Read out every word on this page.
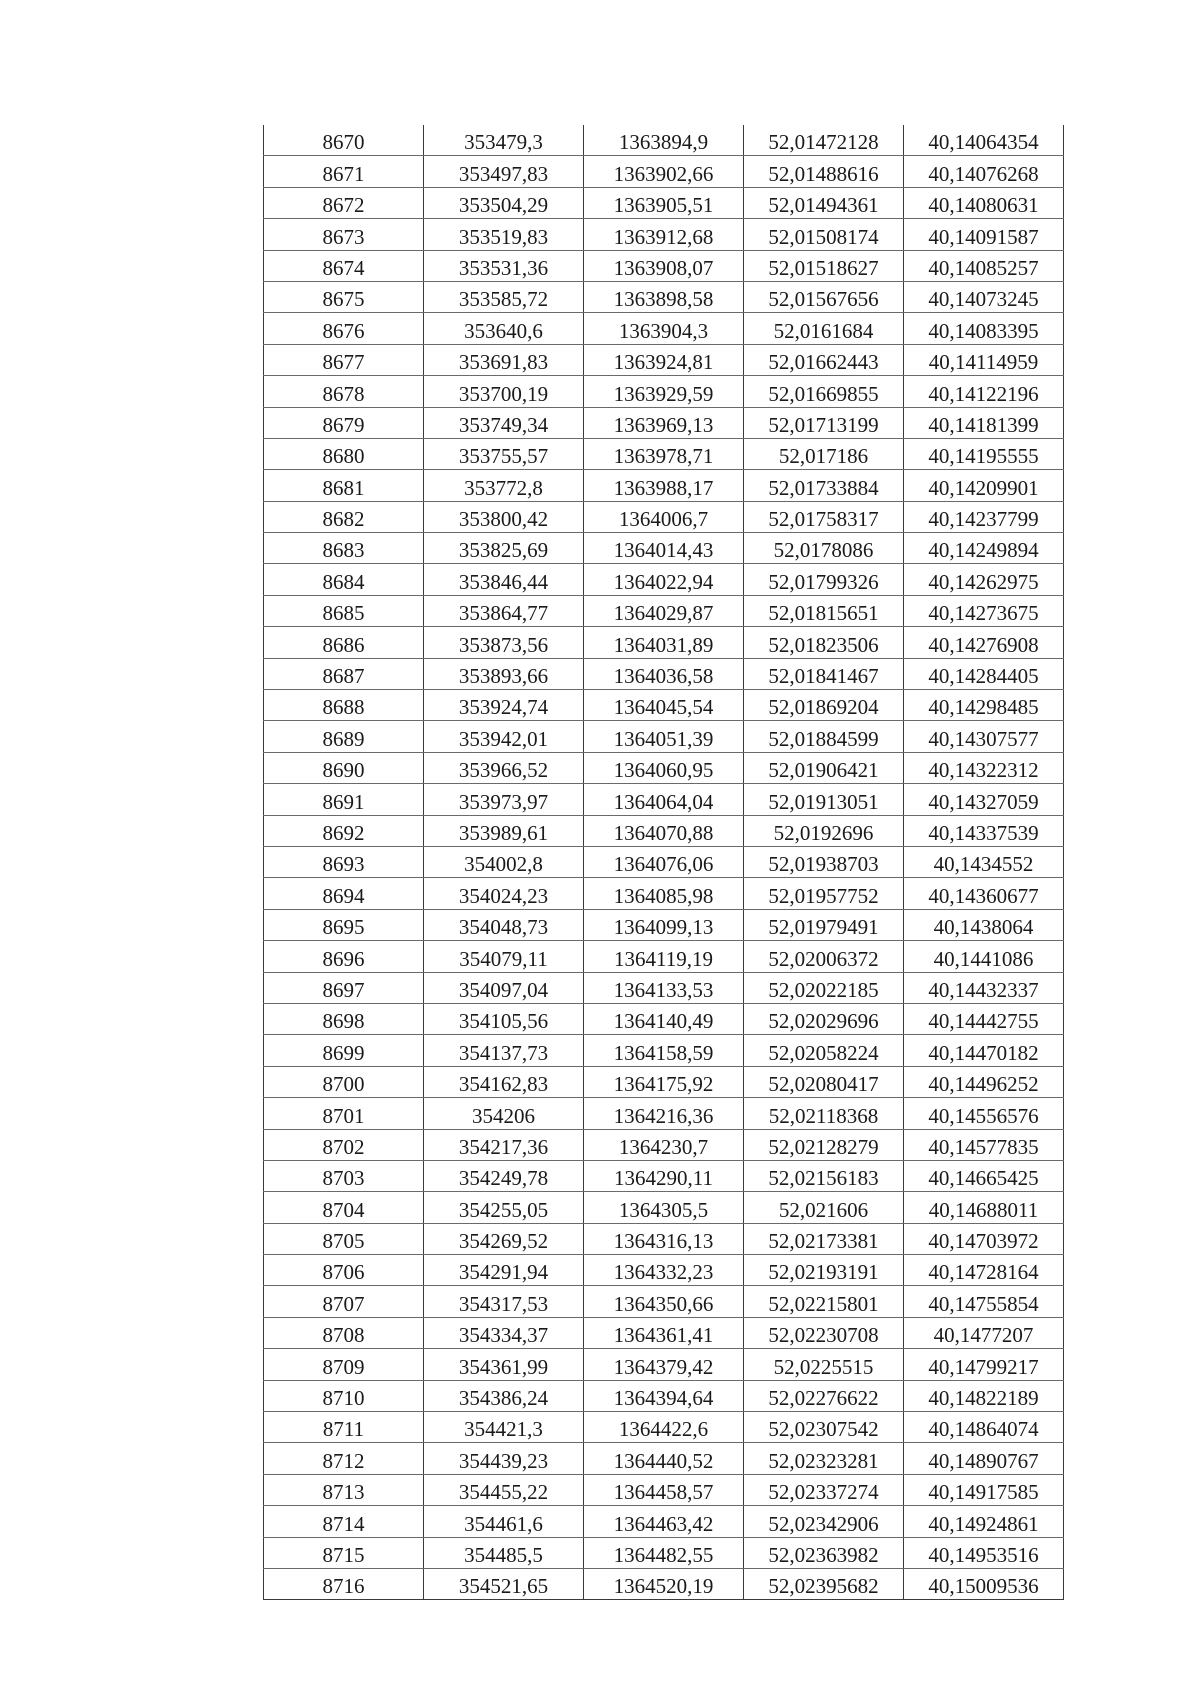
8670	353479,3	1363894,9	52,01472128	40,14064354
8671	353497,83	1363902,66	52,01488616	40,14076268
8672	353504,29	1363905,51	52,01494361	40,14080631
8673	353519,83	1363912,68	52,01508174	40,14091587
8674	353531,36	1363908,07	52,01518627	40,14085257
8675	353585,72	1363898,58	52,01567656	40,14073245
8676	353640,6	1363904,3	52,0161684	40,14083395
8677	353691,83	1363924,81	52,01662443	40,14114959
8678	353700,19	1363929,59	52,01669855	40,14122196
8679	353749,34	1363969,13	52,01713199	40,14181399
8680	353755,57	1363978,71	52,017186	40,14195555
8681	353772,8	1363988,17	52,01733884	40,14209901
8682	353800,42	1364006,7	52,01758317	40,14237799
8683	353825,69	1364014,43	52,0178086	40,14249894
8684	353846,44	1364022,94	52,01799326	40,14262975
8685	353864,77	1364029,87	52,01815651	40,14273675
8686	353873,56	1364031,89	52,01823506	40,14276908
8687	353893,66	1364036,58	52,01841467	40,14284405
8688	353924,74	1364045,54	52,01869204	40,14298485
8689	353942,01	1364051,39	52,01884599	40,14307577
8690	353966,52	1364060,95	52,01906421	40,14322312
8691	353973,97	1364064,04	52,01913051	40,14327059
8692	353989,61	1364070,88	52,0192696	40,14337539
8693	354002,8	1364076,06	52,01938703	40,1434552
8694	354024,23	1364085,98	52,01957752	40,14360677
8695	354048,73	1364099,13	52,01979491	40,1438064
8696	354079,11	1364119,19	52,02006372	40,1441086
8697	354097,04	1364133,53	52,02022185	40,14432337
8698	354105,56	1364140,49	52,02029696	40,14442755
8699	354137,73	1364158,59	52,02058224	40,14470182
8700	354162,83	1364175,92	52,02080417	40,14496252
8701	354206	1364216,36	52,02118368	40,14556576
8702	354217,36	1364230,7	52,02128279	40,14577835
8703	354249,78	1364290,11	52,02156183	40,14665425
8704	354255,05	1364305,5	52,021606	40,14688011
8705	354269,52	1364316,13	52,02173381	40,14703972
8706	354291,94	1364332,23	52,02193191	40,14728164
8707	354317,53	1364350,66	52,02215801	40,14755854
8708	354334,37	1364361,41	52,02230708	40,1477207
8709	354361,99	1364379,42	52,0225515	40,14799217
8710	354386,24	1364394,64	52,02276622	40,14822189
8711	354421,3	1364422,6	52,02307542	40,14864074
8712	354439,23	1364440,52	52,02323281	40,14890767
8713	354455,22	1364458,57	52,02337274	40,14917585
8714	354461,6	1364463,42	52,02342906	40,14924861
8715	354485,5	1364482,55	52,02363982	40,14953516
8716	354521,65	1364520,19	52,02395682	40,15009536
